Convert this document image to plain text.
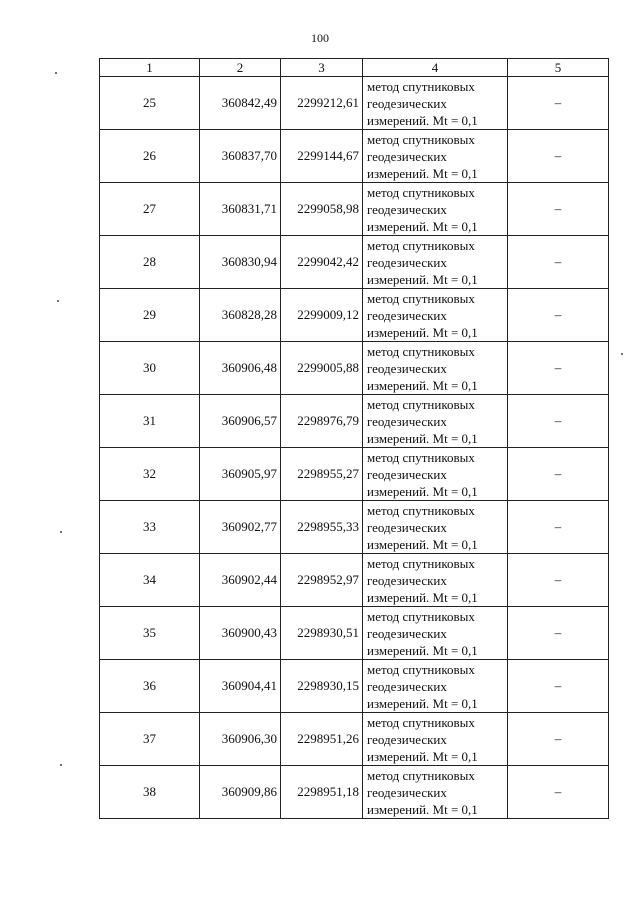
100
1	2	3	4	5
25	360842,49	2299212,61	метод спутниковых
геодезических
измерений. Mt = 0,1	–
26	360837,70	2299144,67	метод спутниковых
геодезических
измерений. Mt = 0,1	–
27	360831,71	2299058,98	метод спутниковых
геодезических
измерений. Mt = 0,1	–
28	360830,94	2299042,42	метод спутниковых
геодезических
измерений. Mt = 0,1	–
29	360828,28	2299009,12	метод спутниковых
геодезических
измерений. Mt = 0,1	–
30	360906,48	2299005,88	метод спутниковых
геодезических
измерений. Mt = 0,1	–
31	360906,57	2298976,79	метод спутниковых
геодезических
измерений. Mt = 0,1	–
32	360905,97	2298955,27	метод спутниковых
геодезических
измерений. Mt = 0,1	–
33	360902,77	2298955,33	метод спутниковых
геодезических
измерений. Mt = 0,1	–
34	360902,44	2298952,97	метод спутниковых
геодезических
измерений. Mt = 0,1	–
35	360900,43	2298930,51	метод спутниковых
геодезических
измерений. Mt = 0,1	–
36	360904,41	2298930,15	метод спутниковых
геодезических
измерений. Mt = 0,1	–
37	360906,30	2298951,26	метод спутниковых
геодезических
измерений. Mt = 0,1	–
38	360909,86	2298951,18	метод спутниковых
геодезических
измерений. Mt = 0,1	–
